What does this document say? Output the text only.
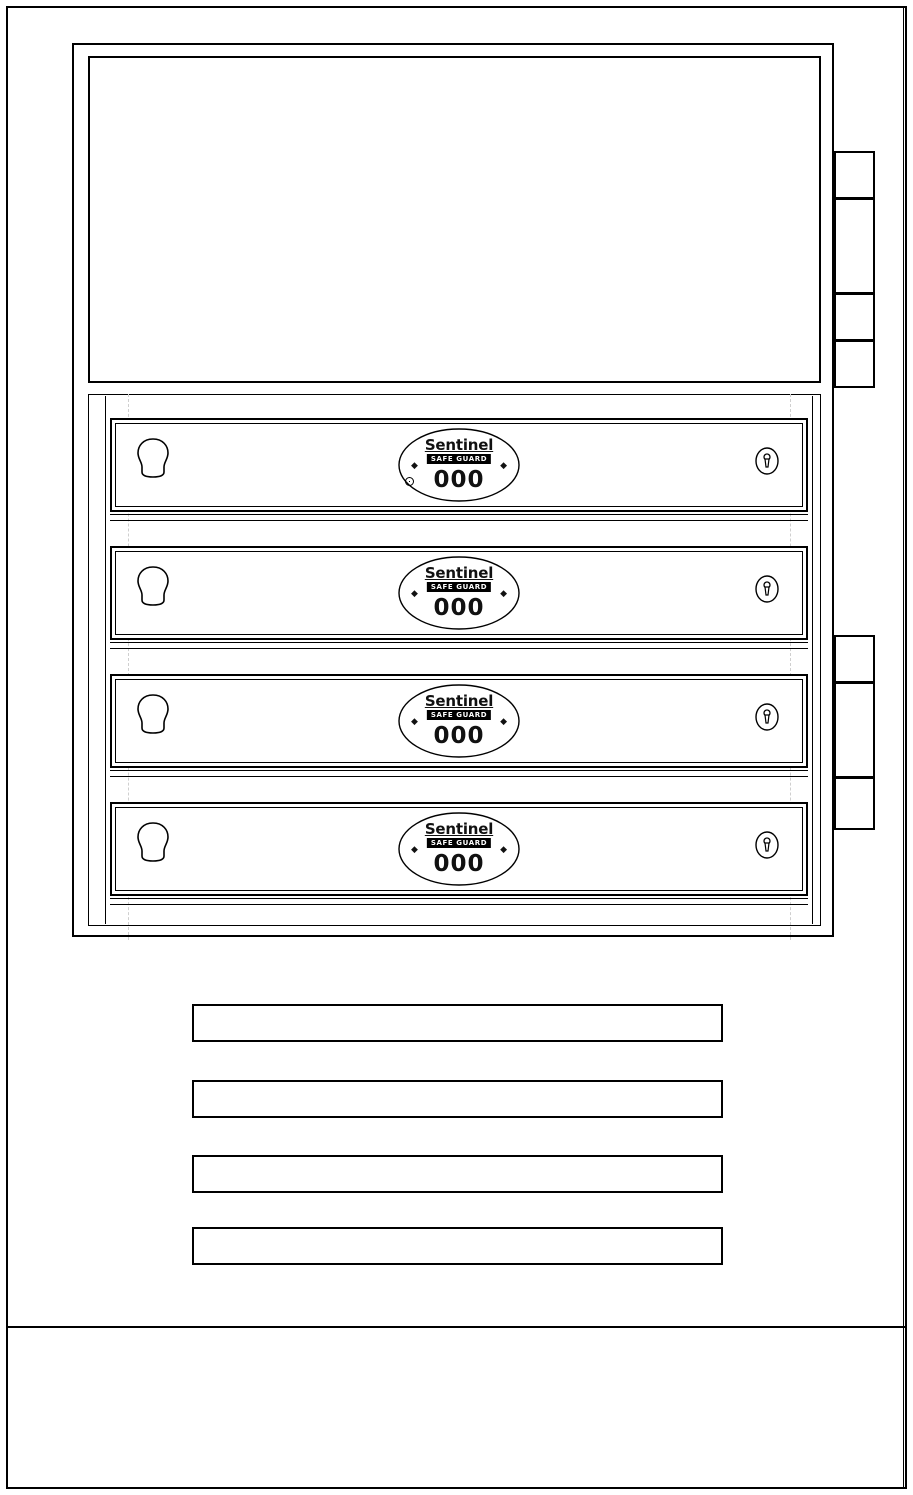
Sentinel
SAFE GUARD
◆	◆
000
Sentinel
SAFE GUARD
◆	◆
000
Sentinel
SAFE GUARD
◆	◆
000
Sentinel
SAFE GUARD
◆	◆
000
